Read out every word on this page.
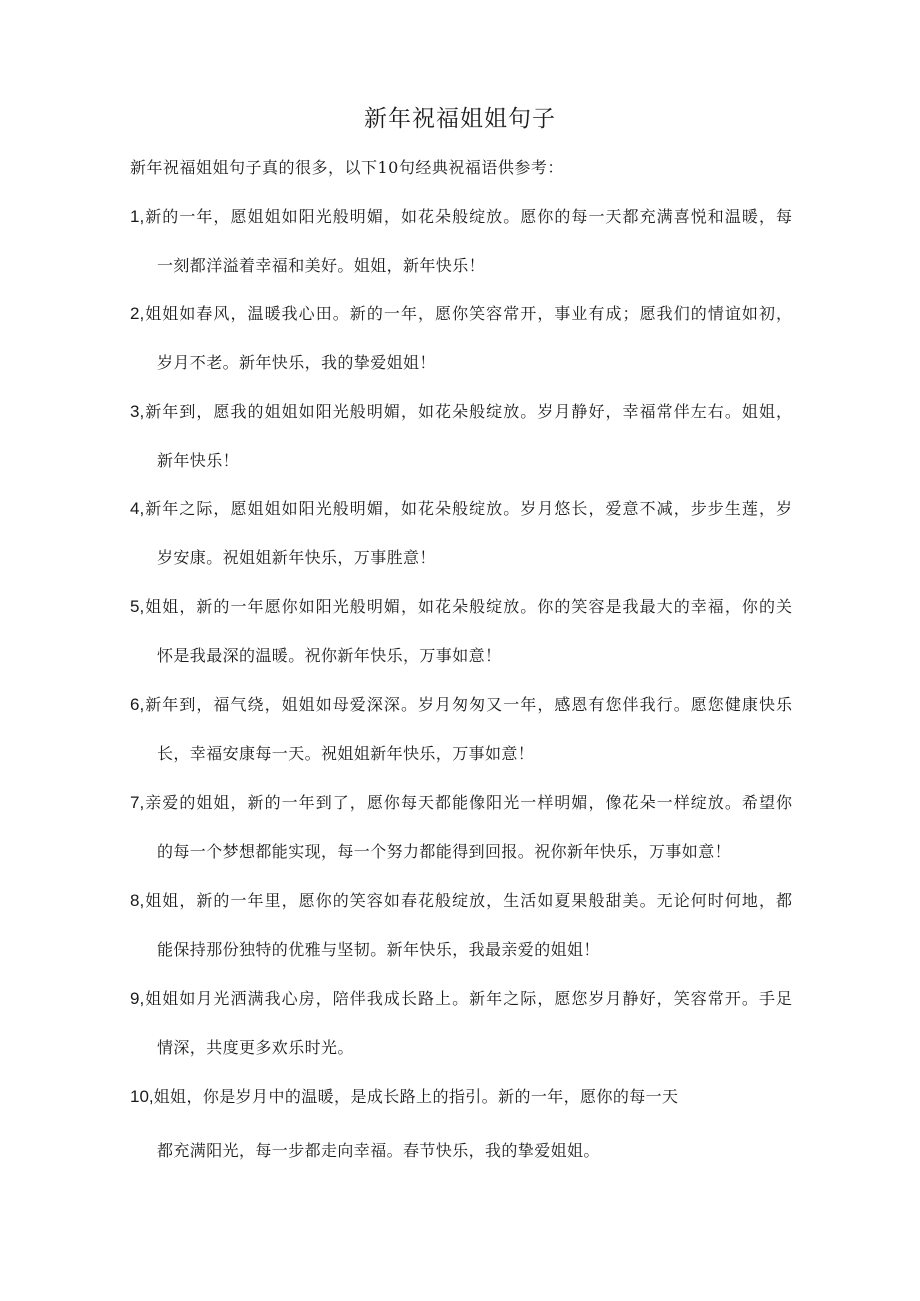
新年祝福姐姐句子
新年祝福姐姐句子真的很多，以下10句经典祝福语供参考：
1,新的一年，愿姐姐如阳光般明媚，如花朵般绽放。愿你的每一天都充满喜悦和温暖，每
一刻都洋溢着幸福和美好。姐姐，新年快乐！
2,姐姐如春风，温暖我心田。新的一年，愿你笑容常开，事业有成；愿我们的情谊如初，
岁月不老。新年快乐，我的挚爱姐姐！
3,新年到，愿我的姐姐如阳光般明媚，如花朵般绽放。岁月静好，幸福常伴左右。姐姐，
新年快乐！
4,新年之际，愿姐姐如阳光般明媚，如花朵般绽放。岁月悠长，爱意不减，步步生莲，岁
岁安康。祝姐姐新年快乐，万事胜意！
5,姐姐，新的一年愿你如阳光般明媚，如花朵般绽放。你的笑容是我最大的幸福，你的关
怀是我最深的温暖。祝你新年快乐，万事如意！
6,新年到，福气绕，姐姐如母爱深深。岁月匆匆又一年，感恩有您伴我行。愿您健康快乐
长，幸福安康每一天。祝姐姐新年快乐，万事如意！
7,亲爱的姐姐，新的一年到了，愿你每天都能像阳光一样明媚，像花朵一样绽放。希望你
的每一个梦想都能实现，每一个努力都能得到回报。祝你新年快乐，万事如意！
8,姐姐，新的一年里，愿你的笑容如春花般绽放，生活如夏果般甜美。无论何时何地，都
能保持那份独特的优雅与坚韧。新年快乐，我最亲爱的姐姐！
9,姐姐如月光洒满我心房，陪伴我成长路上。新年之际，愿您岁月静好，笑容常开。手足
情深，共度更多欢乐时光。
10,姐姐，你是岁月中的温暖，是成长路上的指引。新的一年，愿你的每一天
都充满阳光，每一步都走向幸福。春节快乐，我的挚爱姐姐。
